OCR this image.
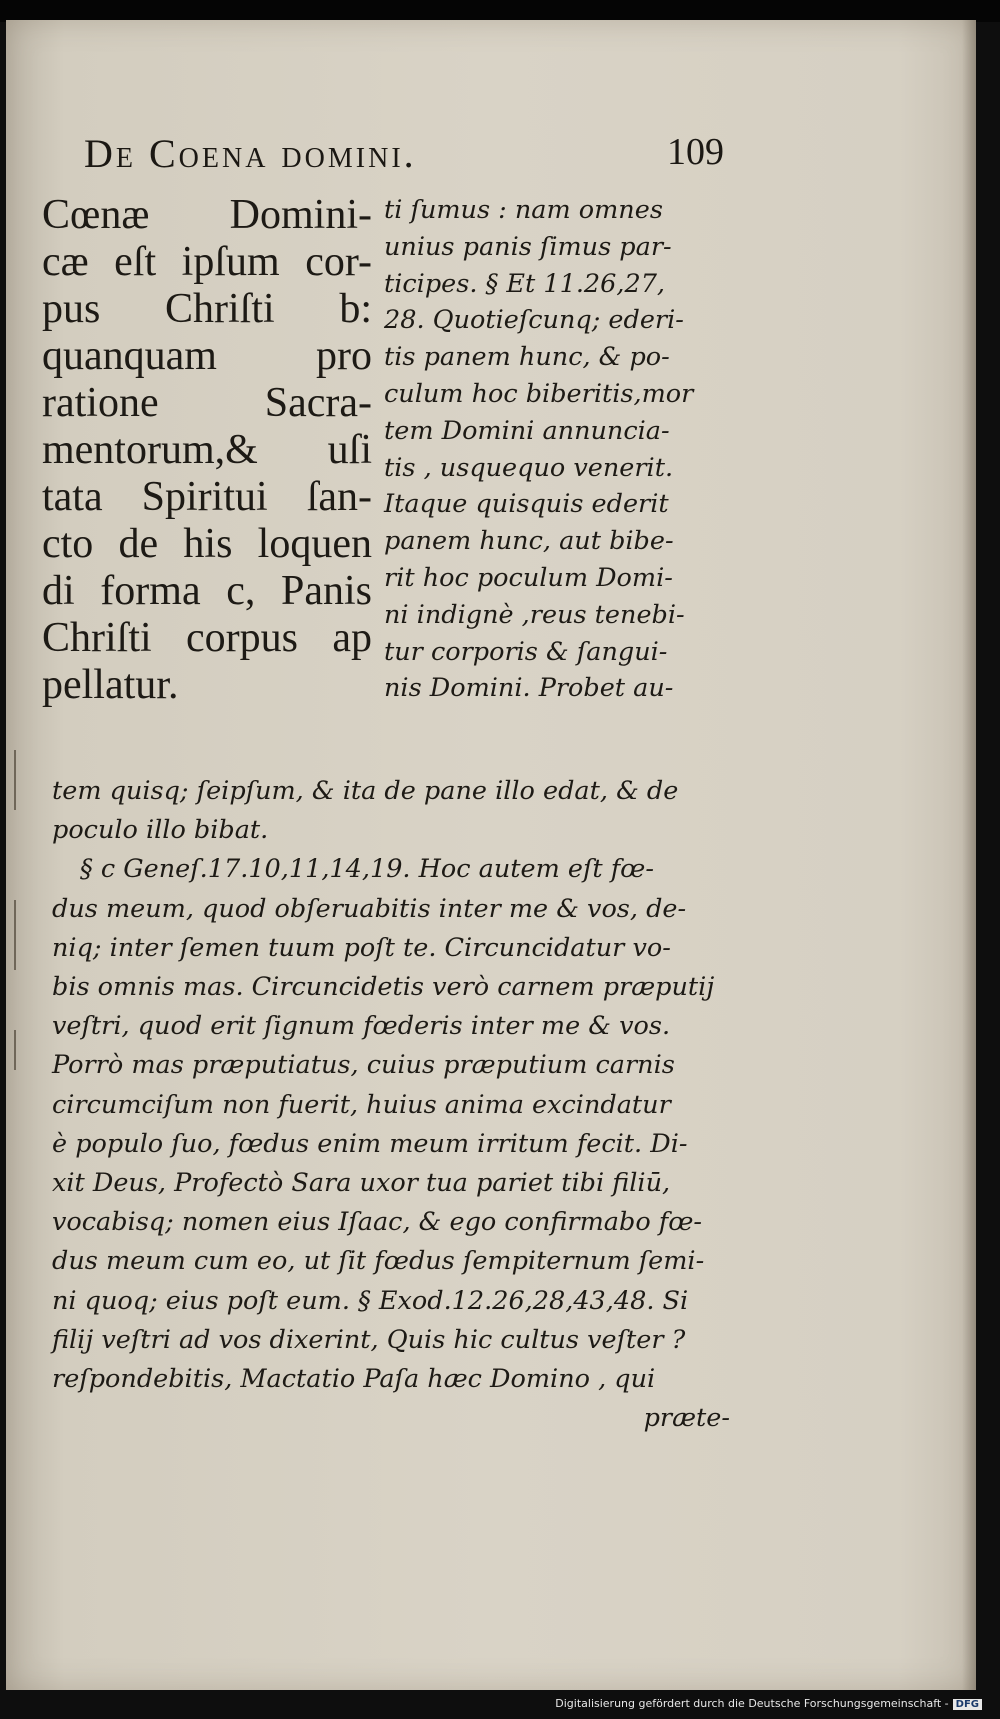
De Coena domini.	109
Cœnæ Domini-
cæ eſt ipſum cor-
pus Chriſti b:
quanquam pro
ratione Sacra-
mentorum,& uſi
tata Spiritui ſan-
cto de his loquen
di forma c, Panis
Chriſti corpus ap
pellatur.
ti ſumus : nam omnes
unius panis ſimus par-
ticipes. § Et 11.26,27,
28. Quotieſcunq; ederi-
tis panem hunc, & po-
culum hoc biberitis,mor
tem Domini annuncia-
tis , usquequo venerit.
Itaque quisquis ederit
panem hunc, aut bibe-
rit hoc poculum Domi-
ni indignè ,reus tenebi-
tur corporis & ſangui-
nis Domini. Probet au-
tem quisq; ſeipſum, & ita de pane illo edat, & de
poculo illo bibat.
§ c Geneſ.17.10,11,14,19. Hoc autem eſt fœ-
dus meum, quod obſeruabitis inter me & vos, de-
niq; inter ſemen tuum poſt te. Circuncidatur vo-
bis omnis mas. Circuncidetis verò carnem præputij
veſtri, quod erit ſignum fœderis inter me & vos.
Porrò mas præputiatus, cuius præputium carnis
circumciſum non fuerit, huius anima excindatur
è populo ſuo, fœdus enim meum irritum fecit. Di-
xit Deus, Profectò Sara uxor tua pariet tibi filiū,
vocabisq; nomen eius Iſaac, & ego confirmabo fœ-
dus meum cum eo, ut ſit fœdus ſempiternum ſemi-
ni quoq; eius poſt eum. § Exod.12.26,28,43,48. Si
filij veſtri ad vos dixerint, Quis hic cultus veſter ?
reſpondebitis, Mactatio Paſa hæc Domino , qui
præte-
Digitalisierung gefördert durch die Deutsche Forschungsgemeinschaft - DFG
